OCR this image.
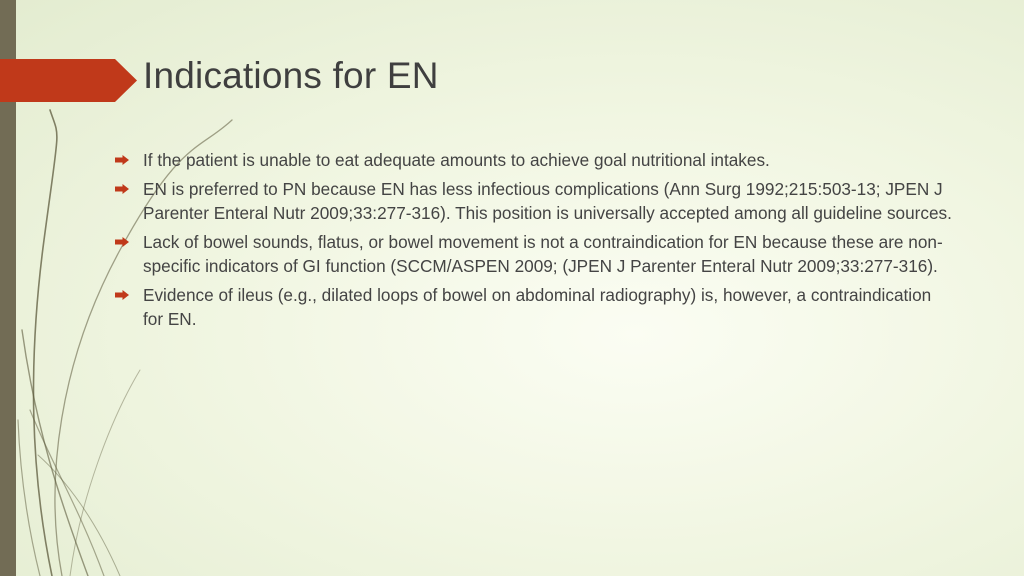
Indications for EN
If the patient is unable to eat adequate amounts to achieve goal nutritional intakes.
EN is preferred to PN because EN has less infectious complications (Ann Surg 1992;215:503-13; JPEN J Parenter Enteral Nutr 2009;33:277-316). This position is universally accepted among all guideline sources.
Lack of bowel sounds, flatus, or bowel movement is not a contraindication for EN because these are non-specific indicators of GI function (SCCM/ASPEN 2009; (JPEN J Parenter Enteral Nutr 2009;33:277-316).
Evidence of ileus (e.g., dilated loops of bowel on abdominal radiography) is, however, a contraindication for EN.
